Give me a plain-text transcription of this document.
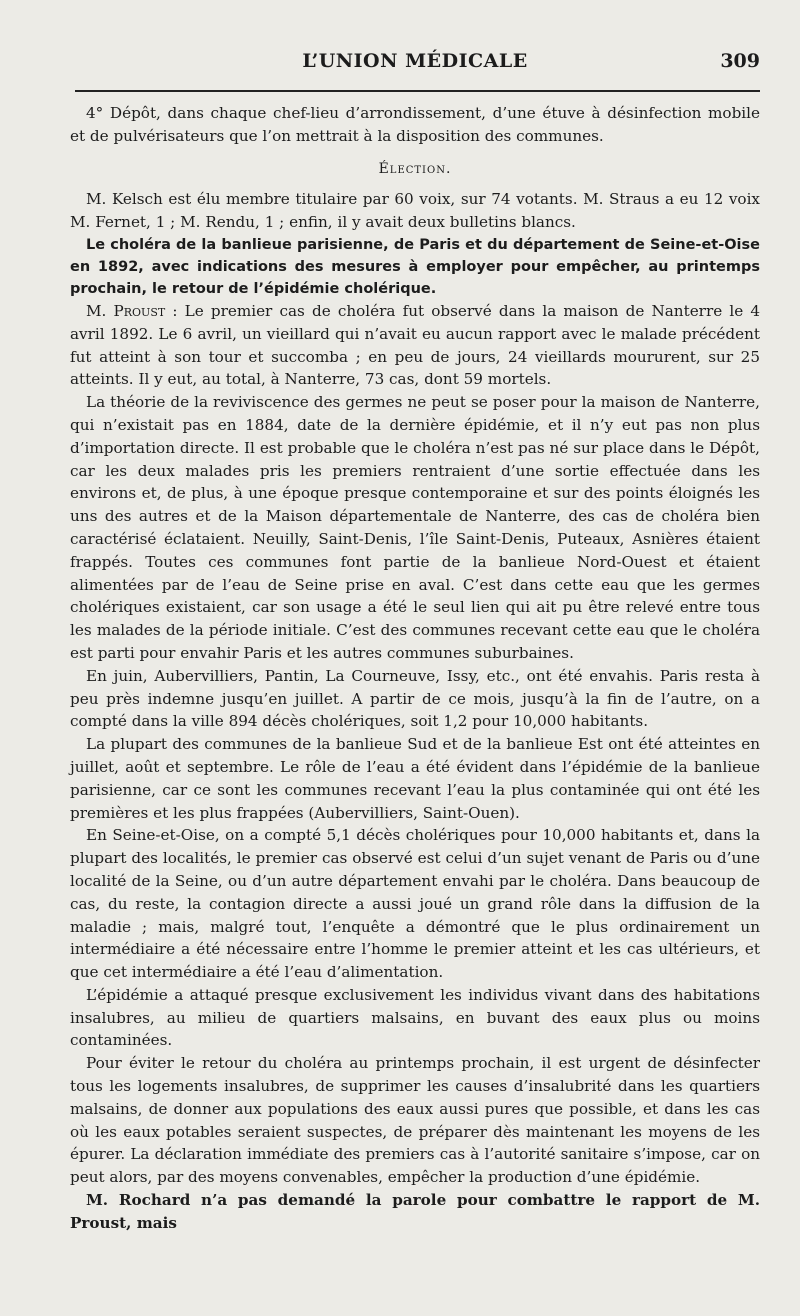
L’UNION MÉDICALE	309

4° Dépôt, dans chaque chef-lieu d’arrondissement, d’une étuve à désinfection mobile et de pulvérisateurs que l’on mettrait à la disposition des communes.

Élection.

M. Kelsch est élu membre titulaire par 60 voix, sur 74 votants. M. Straus a eu 12 voix M. Fernet, 1 ; M. Rendu, 1 ; enfin, il y avait deux bulletins blancs.

Le choléra de la banlieue parisienne, de Paris et du département de Seine-et-Oise en 1892, avec indications des mesures à employer pour empêcher, au printemps prochain, le retour de l’épidémie cholérique.

M. Proust : Le premier cas de choléra fut observé dans la maison de Nanterre le 4 avril 1892. Le 6 avril, un vieillard qui n’avait eu aucun rapport avec le malade précédent fut atteint à son tour et succomba ; en peu de jours, 24 vieillards moururent, sur 25 atteints. Il y eut, au total, à Nanterre, 73 cas, dont 59 mortels.

La théorie de la reviviscence des germes ne peut se poser pour la maison de Nanterre, qui n’existait pas en 1884, date de la dernière épidémie, et il n’y eut pas non plus d’importation directe. Il est probable que le choléra n’est pas né sur place dans le Dépôt, car les deux malades pris les premiers rentraient d’une sortie effectuée dans les environs et, de plus, à une époque presque contemporaine et sur des points éloignés les uns des autres et de la Maison départementale de Nanterre, des cas de choléra bien caractérisé éclataient. Neuilly, Saint-Denis, l’île Saint-Denis, Puteaux, Asnières étaient frappés. Toutes ces communes font partie de la banlieue Nord-Ouest et étaient alimentées par de l’eau de Seine prise en aval. C’est dans cette eau que les germes cholériques existaient, car son usage a été le seul lien qui ait pu être relevé entre tous les malades de la période initiale. C’est des communes recevant cette eau que le choléra est parti pour envahir Paris et les autres communes suburbaines.

En juin, Aubervilliers, Pantin, La Courneuve, Issy, etc., ont été envahis. Paris resta à peu près indemne jusqu’en juillet. A partir de ce mois, jusqu’à la fin de l’autre, on a compté dans la ville 894 décès cholériques, soit 1,2 pour 10,000 habitants.

La plupart des communes de la banlieue Sud et de la banlieue Est ont été atteintes en juillet, août et septembre. Le rôle de l’eau a été évident dans l’épidémie de la banlieue parisienne, car ce sont les communes recevant l’eau la plus contaminée qui ont été les premières et les plus frappées (Aubervilliers, Saint-Ouen).

En Seine-et-Oise, on a compté 5,1 décès cholériques pour 10,000 habitants et, dans la plupart des localités, le premier cas observé est celui d’un sujet venant de Paris ou d’une localité de la Seine, ou d’un autre département envahi par le choléra. Dans beaucoup de cas, du reste, la contagion directe a aussi joué un grand rôle dans la diffusion de la maladie ; mais, malgré tout, l’enquête a démontré que le plus ordinairement un intermédiaire a été nécessaire entre l’homme le premier atteint et les cas ultérieurs, et que cet intermédiaire a été l’eau d’alimentation.

L’épidémie a attaqué presque exclusivement les individus vivant dans des habitations insalubres, au milieu de quartiers malsains, en buvant des eaux plus ou moins contaminées.

Pour éviter le retour du choléra au printemps prochain, il est urgent de désinfecter tous les logements insalubres, de supprimer les causes d’insalubrité dans les quartiers malsains, de donner aux populations des eaux aussi pures que possible, et dans les cas où les eaux potables seraient suspectes, de préparer dès maintenant les moyens de les épurer. La déclaration immédiate des premiers cas à l’autorité sanitaire s’impose, car on peut alors, par des moyens convenables, empêcher la production d’une épidémie.

M. Rochard n’a pas demandé la parole pour combattre le rapport de M. Proust, mais
